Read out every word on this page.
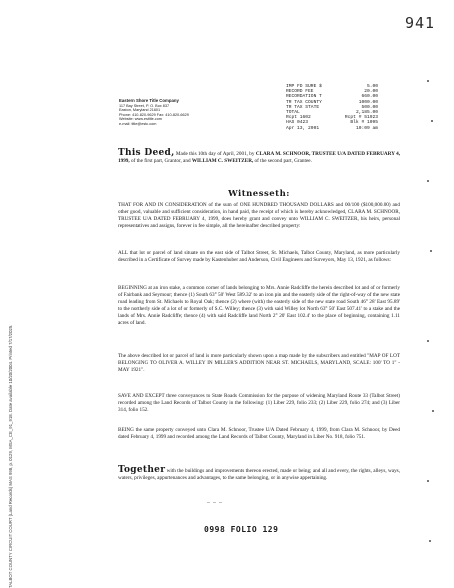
941
IMP FD SURE $	5.00
RECORD FEE	20.00
RECORDATION T	660.00
TR TAX COUNTY	1000.00
TR TAX STATE	500.00
TOTAL	2,185.00
Rcpt 1602	Rcpt # 51923
HAS 0423	Blk # 1095
Apr 13, 2001	10:09 am
Eastern Shore Title Company
117 Bay Street, P. O. Box 837
Easton, Maryland 21601
Phone: 410-820-9629 Fax: 410-820-6629
Website: www.estitle.com
e-mail: title@estc.com
This Deed, Made this 10th day of April, 2001, by CLARA M. SCHNOOR, TRUSTEE U/A DATED FEBRUARY 4, 1999, of the first part, Grantor, and WILLIAM C. SWEITZER, of the second part, Grantee.
Witnesseth:
THAT FOR AND IN CONSIDERATION of the sum of ONE HUNDRED THOUSAND DOLLARS and 00/100 ($100,000.00) and other good, valuable and sufficient consideration, in hand paid, the receipt of which is hereby acknowledged, CLARA M. SCHNOOR, TRUSTEE U/A DATED FEBRUARY 4, 1999, does hereby grant and convey unto WILLIAM C. SWEITZER, his heirs, personal representatives and assigns, forever in fee simple, all the hereinafter described property:
ALL that lot or parcel of land situate on the east side of Talbot Street, St. Michaels, Talbot County, Maryland, as more particularly described in a Certificate of Survey made by Kastenhuber and Anderson, Civil Engineers and Surveyors, May 13, 1921, as follows:
BEGINNING at an iron stake, a common corner of lands belonging to Mrs. Annie Radcliffe the herein described lot and of or formerly of Fairbank and Seymour; thence (1) South 63° 50' West 589.32' to an iron pin and the easterly side of the right-of-way of the new state road leading from St. Michaels to Royal Oak; thence (2) where (with) the easterly side of the new state road South 46° 28' East 95.89' to the northerly side of a lot of or formerly of S.C. Willey; thence (3) with said Willey lot North 63° 50' East 507.41' to a stake and the lands of Mrs. Annie Radcliffe; thence (4) with said Radcliffe land North 2° 20' East 102.4' to the place of beginning, containing 1.11 acres of land.
The above described lot or parcel of land is more particularly shown upon a map made by the subscribers and entitled "MAP OF LOT BELONGING TO OLIVER A. WILLEY IN MILLER'S ADDITION NEAR ST. MICHAELS, MARYLAND, SCALE: 100' TO 1" - MAY 1921".
SAVE AND EXCEPT three conveyances to State Roads Commission for the purpose of widening Maryland Route 33 (Talbot Street) recorded among the Land Records of Talbot County in the following: (1) Liber 229, folio 233; (2) Liber 229, folio 274; and (3) Liber 314, folio 152.
BEING the same property conveyed unto Clara M. Schnoor, Trustee U/A Dated February 4, 1999, from Clara M. Schnoor, by Deed dated February 4, 1999 and recorded among the Land Records of Talbot County, Maryland in Liber No. 918, folio 751.
Together with the buildings and improvements thereon erected, made or being; and all and every, the rights, alleys, ways, waters, privileges, appurtenances and advantages, to the same belonging, or in anywise appertaining.
‒ ‒ ‒
0998 FOLIO 129
TALBOT COUNTY CIRCUIT COURT (Land Records) MAS 998, p. 0129, MSA_CE_91_918. Date available 10/20/2004. Printed 7/17/2025.
